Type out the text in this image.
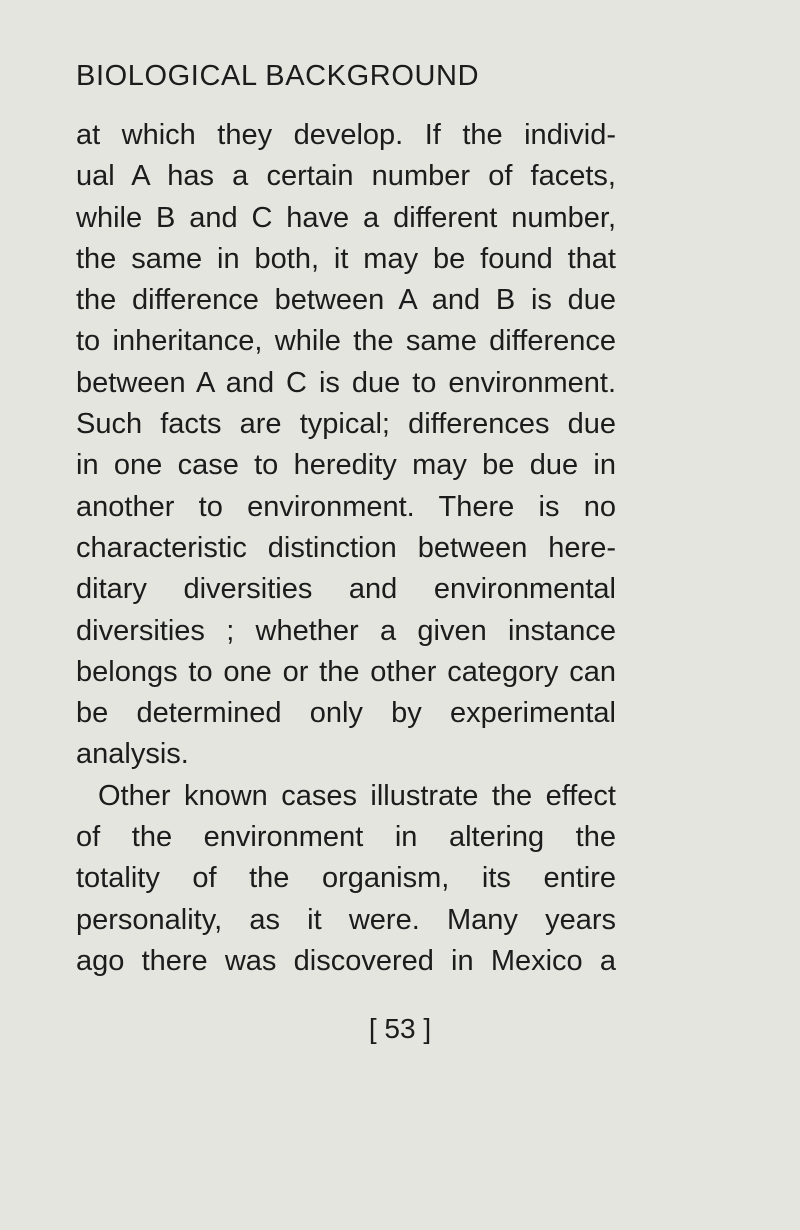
BIOLOGICAL BACKGROUND
at which they develop. If the individ-
ual A has a certain number of facets,
while B and C have a different number,
the same in both, it may be found that
the difference between A and B is due
to inheritance, while the same difference
between A and C is due to environment.
Such facts are typical; differences due
in one case to heredity may be due in
another to environment. There is no
characteristic distinction between here-
ditary diversities and environmental
diversities ; whether a given instance
belongs to one or the other category can
be determined only by experimental
analysis.
Other known cases illustrate the effect
of the environment in altering the
totality of the organism, its entire
personality, as it were. Many years
ago there was discovered in Mexico a
[ 53 ]
